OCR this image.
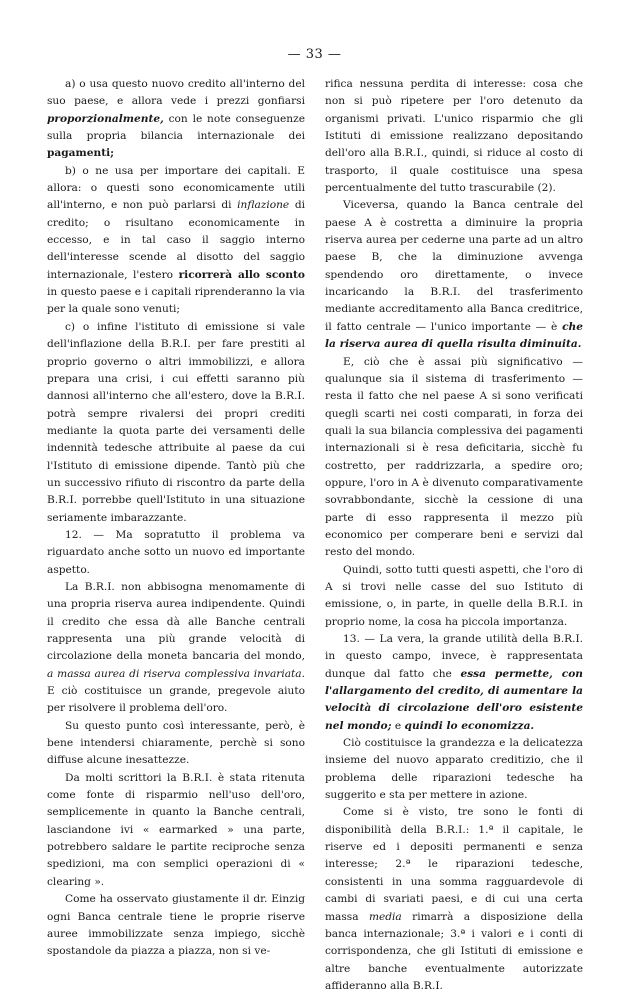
— 33 —

a) o usa questo nuovo credito all'interno del suo paese, e allora vede i prezzi gonfiarsi proporzionalmente, con le note conseguenze sulla propria bilancia internazionale dei pagamenti;

b) o ne usa per importare dei capitali. E allora: o questi sono economicamente utili all'interno, e non può parlarsi di inflazione di credito; o risultano economicamente in eccesso, e in tal caso il saggio interno dell'interesse scende al disotto del saggio internazionale, l'estero ricorrerà allo sconto in questo paese e i capitali riprenderanno la via per la quale sono venuti;

c) o infine l'istituto di emissione si vale dell'inflazione della B.R.I. per fare prestiti al proprio governo o altri immobilizzi, e allora prepara una crisi, i cui effetti saranno più dannosi all'interno che all'estero, dove la B.R.I. potrà sempre rivalersi dei propri crediti mediante la quota parte dei versamenti delle indennità tedesche attribuite al paese da cui l'Istituto di emissione dipende. Tantò più che un successivo rifiuto di riscontro da parte della B.R.I. porrebbe quell'Istituto in una situazione seriamente imbarazzante.

12. — Ma sopratutto il problema va riguardato anche sotto un nuovo ed importante aspetto.

La B.R.I. non abbisogna menomamente di una propria riserva aurea indipendente. Quindi il credito che essa dà alle Banche centrali rappresenta una più grande velocità di circolazione della moneta bancaria del mondo, a massa aurea di riserva complessiva invariata. E ciò costituisce un grande, pregevole aiuto per risolvere il problema dell'oro.

Su questo punto così interessante, però, è bene intendersi chiaramente, perchè si sono diffuse alcune inesattezze.

Da molti scrittori la B.R.I. è stata ritenuta come fonte di risparmio nell'uso dell'oro, semplicemente in quanto la Banche centrali, lasciandone ivi « earmarked » una parte, potrebbero saldare le partite reciproche senza spedizioni, ma con semplici operazioni di « clearing ».

Come ha osservato giustamente il dr. Einzig ogni Banca centrale tiene le proprie riserve auree immobilizzate senza impiego, sicchè spostandole da piazza a piazza, non si ve-

rifica nessuna perdita di interesse: cosa che non si può ripetere per l'oro detenuto da organismi privati. L'unico risparmio che gli Istituti di emissione realizzano depositando dell'oro alla B.R.I., quindi, si riduce al costo di trasporto, il quale costituisce una spesa percentualmente del tutto trascurabile (2).

Viceversa, quando la Banca centrale del paese A è costretta a diminuire la propria riserva aurea per cederne una parte ad un altro paese B, che la diminuzione avvenga spendendo oro direttamente, o invece incaricando la B.R.I. del trasferimento mediante accreditamento alla Banca creditrice, il fatto centrale — l'unico importante — è che la riserva aurea di quella risulta diminuita.

E, ciò che è assai più significativo — qualunque sia il sistema di trasferimento — resta il fatto che nel paese A si sono verificati quegli scarti nei costi comparati, in forza dei quali la sua bilancia complessiva dei pagamenti internazionali si è resa deficitaria, sicchè fu costretto, per raddrizzarla, a spedire oro; oppure, l'oro in A è divenuto comparativamente sovrabbondante, sicchè la cessione di una parte di esso rappresenta il mezzo più economico per comperare beni e servizi dal resto del mondo.

Quindi, sotto tutti questi aspetti, che l'oro di A si trovi nelle casse del suo Istituto di emissione, o, in parte, in quelle della B.R.I. in proprio nome, la cosa ha piccola importanza.

13. — La vera, la grande utilità della B.R.I. in questo campo, invece, è rappresentata dunque dal fatto che essa permette, con l'allargamento del credito, di aumentare la velocità di circolazione dell'oro esistente nel mondo; e quindi lo economizza.

Ciò costituisce la grandezza e la delicatezza insieme del nuovo apparato creditizio, che il problema delle riparazioni tedesche ha suggerito e sta per mettere in azione.

Come si è visto, tre sono le fonti di disponibilità della B.R.I.: 1.ª il capitale, le riserve ed i depositi permanenti e senza interesse; 2.ª le riparazioni tedesche, consistenti in una somma ragguardevole di cambi di svariati paesi, e di cui una certa massa media rimarrà a disposizione della banca internazionale; 3.ª i valori e i conti di corrispondenza, che gli Istituti di emissione e altre banche eventualmente autorizzate affideranno alla B.R.I.
